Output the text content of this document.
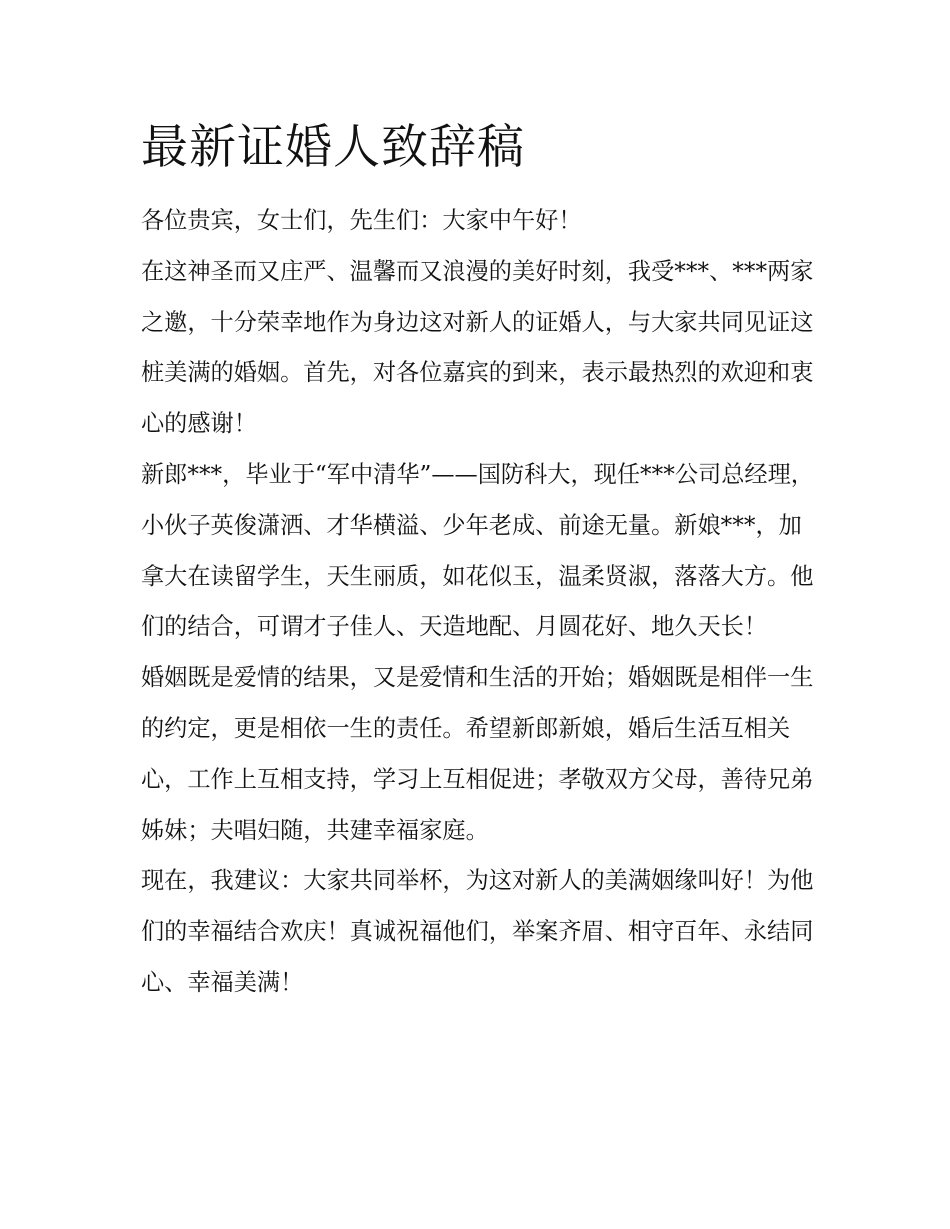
最新证婚人致辞稿

各位贵宾，女士们，先生们：大家中午好！

在这神圣而又庄严、温馨而又浪漫的美好时刻，我受***、***两家之邀，十分荣幸地作为身边这对新人的证婚人，与大家共同见证这桩美满的婚姻。首先，对各位嘉宾的到来，表示最热烈的欢迎和衷心的感谢！

新郎***，毕业于“军中清华”——国防科大，现任***公司总经理，小伙子英俊潇洒、才华横溢、少年老成、前途无量。新娘***，加拿大在读留学生，天生丽质，如花似玉，温柔贤淑，落落大方。他们的结合，可谓才子佳人、天造地配、月圆花好、地久天长！

婚姻既是爱情的结果，又是爱情和生活的开始；婚姻既是相伴一生的约定，更是相依一生的责任。希望新郎新娘，婚后生活互相关心，工作上互相支持，学习上互相促进；孝敬双方父母，善待兄弟姊妹；夫唱妇随，共建幸福家庭。

现在，我建议：大家共同举杯，为这对新人的美满姻缘叫好！为他们的幸福结合欢庆！真诚祝福他们，举案齐眉、相守百年、永结同心、幸福美满！
